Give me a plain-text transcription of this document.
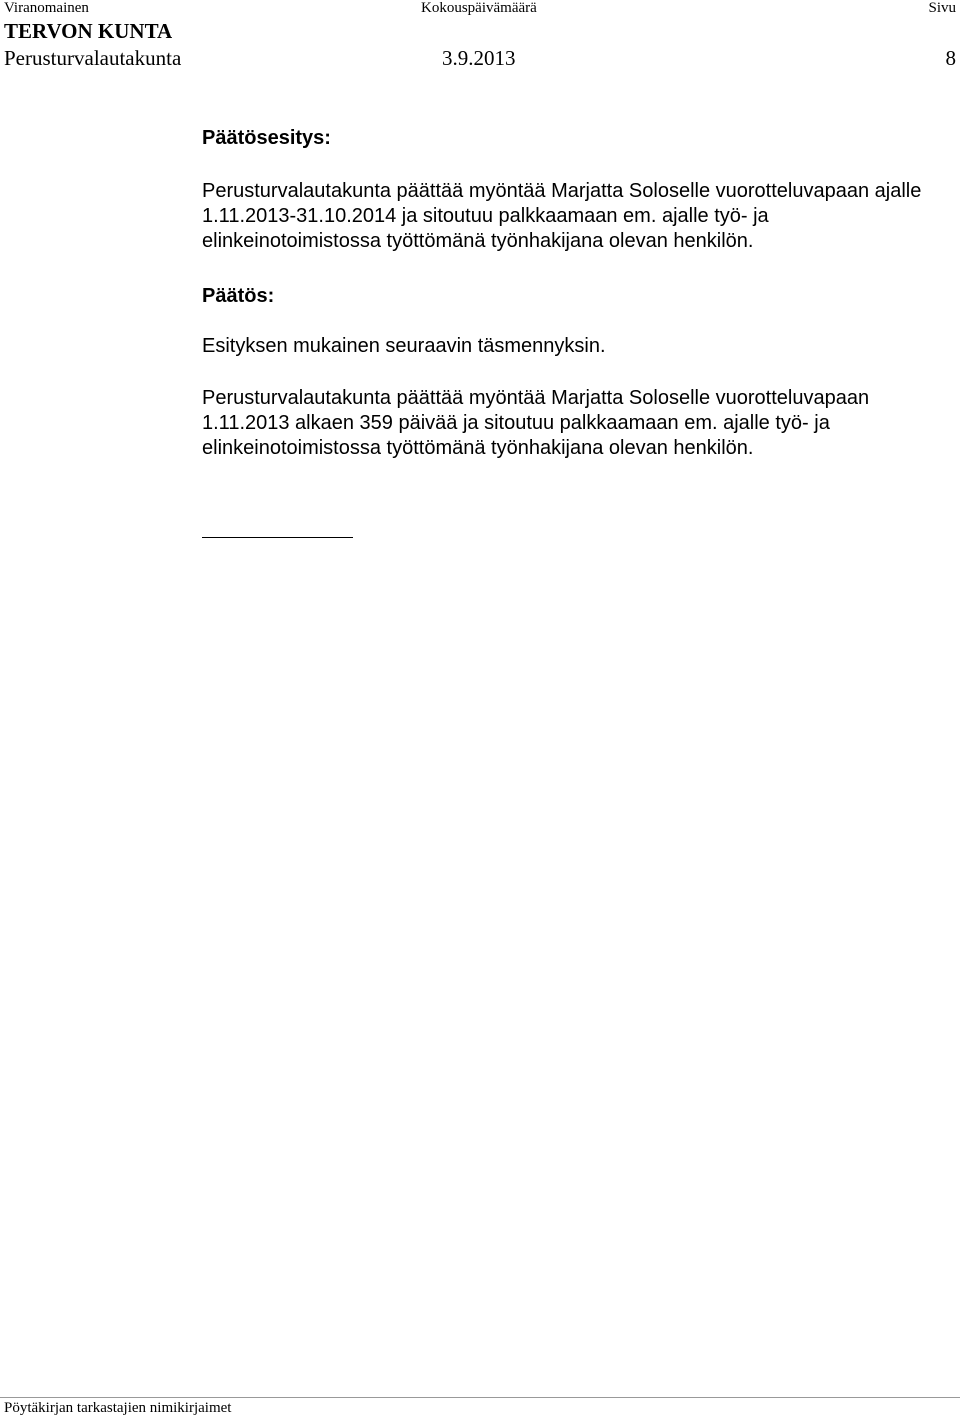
Viranomainen	Kokouspäivämäärä	Sivu
TERVON KUNTA
Perusturvalautakunta	3.9.2013	8
Päätösesitys:

Perusturvalautakunta päättää myöntää Marjatta Soloselle vuorotteluvapaan ajalle 1.11.2013-31.10.2014 ja sitoutuu palkkaamaan em. ajalle työ- ja elinkeinotoimistossa työttömänä työnhakijana olevan henkilön.

Päätös:

Esityksen mukainen seuraavin täsmennyksin.

Perusturvalautakunta päättää myöntää Marjatta Soloselle vuorotteluvapaan 1.11.2013 alkaen 359 päivää ja sitoutuu palkkaamaan em. ajalle työ- ja elinkeinotoimistossa työttömänä työnhakijana olevan henkilön.

Pöytäkirjan tarkastajien nimikirjaimet
